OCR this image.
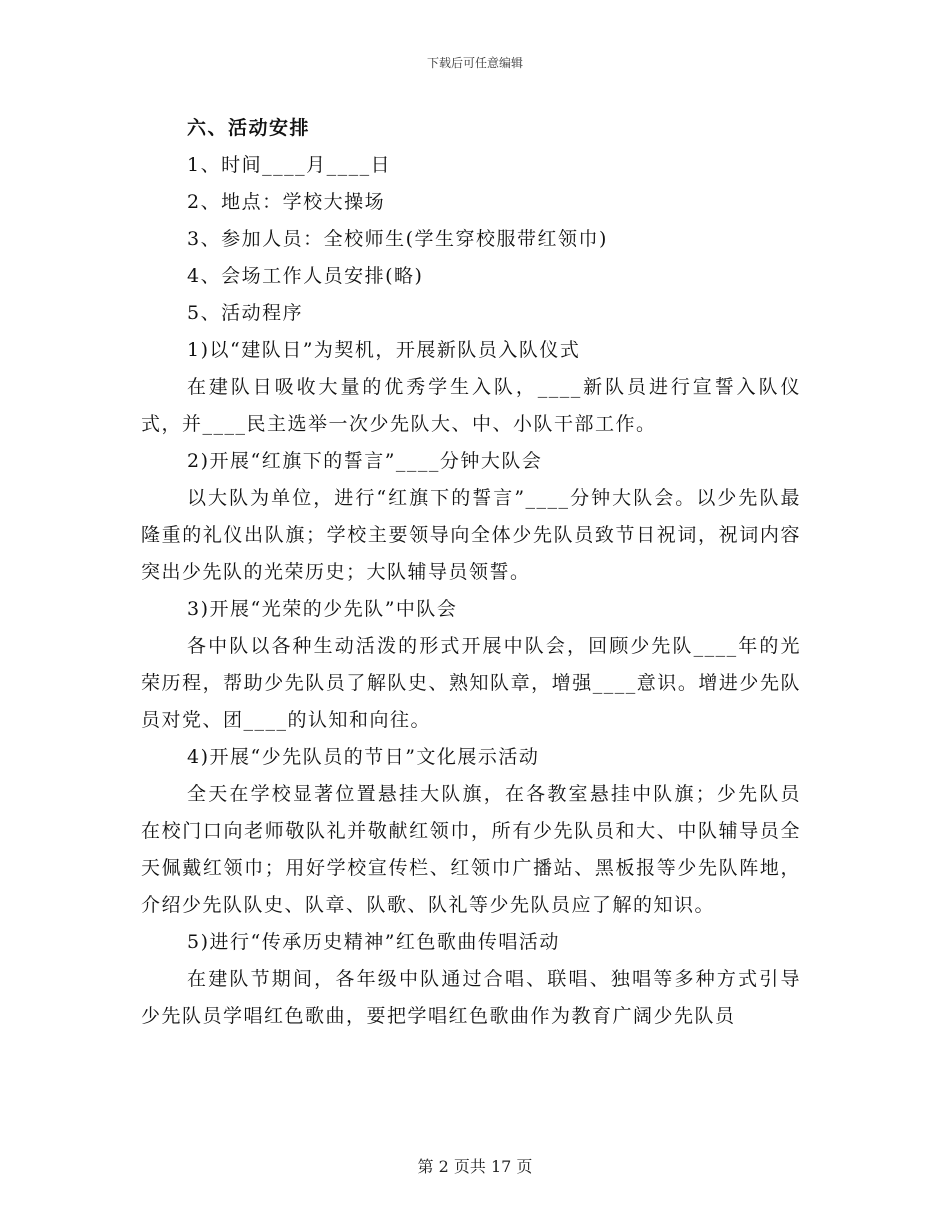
下载后可任意编辑

六、活动安排

1、时间____月____日

2、地点：学校大操场

3、参加人员：全校师生(学生穿校服带红领巾)

4、会场工作人员安排(略)

5、活动程序

1)以“建队日”为契机，开展新队员入队仪式

在建队日吸收大量的优秀学生入队，____新队员进行宣誓入队仪式，并____民主选举一次少先队大、中、小队干部工作。

2)开展“红旗下的誓言”____分钟大队会

以大队为单位，进行“红旗下的誓言”____分钟大队会。以少先队最隆重的礼仪出队旗；学校主要领导向全体少先队员致节日祝词，祝词内容突出少先队的光荣历史；大队辅导员领誓。

3)开展“光荣的少先队”中队会

各中队以各种生动活泼的形式开展中队会，回顾少先队____年的光荣历程，帮助少先队员了解队史、熟知队章，增强____意识。增进少先队员对党、团____的认知和向往。

4)开展“少先队员的节日”文化展示活动

全天在学校显著位置悬挂大队旗，在各教室悬挂中队旗；少先队员在校门口向老师敬队礼并敬献红领巾，所有少先队员和大、中队辅导员全天佩戴红领巾；用好学校宣传栏、红领巾广播站、黑板报等少先队阵地，介绍少先队队史、队章、队歌、队礼等少先队员应了解的知识。

5)进行“传承历史精神”红色歌曲传唱活动

在建队节期间，各年级中队通过合唱、联唱、独唱等多种方式引导少先队员学唱红色歌曲，要把学唱红色歌曲作为教育广阔少先队员

第 2 页共 17 页
